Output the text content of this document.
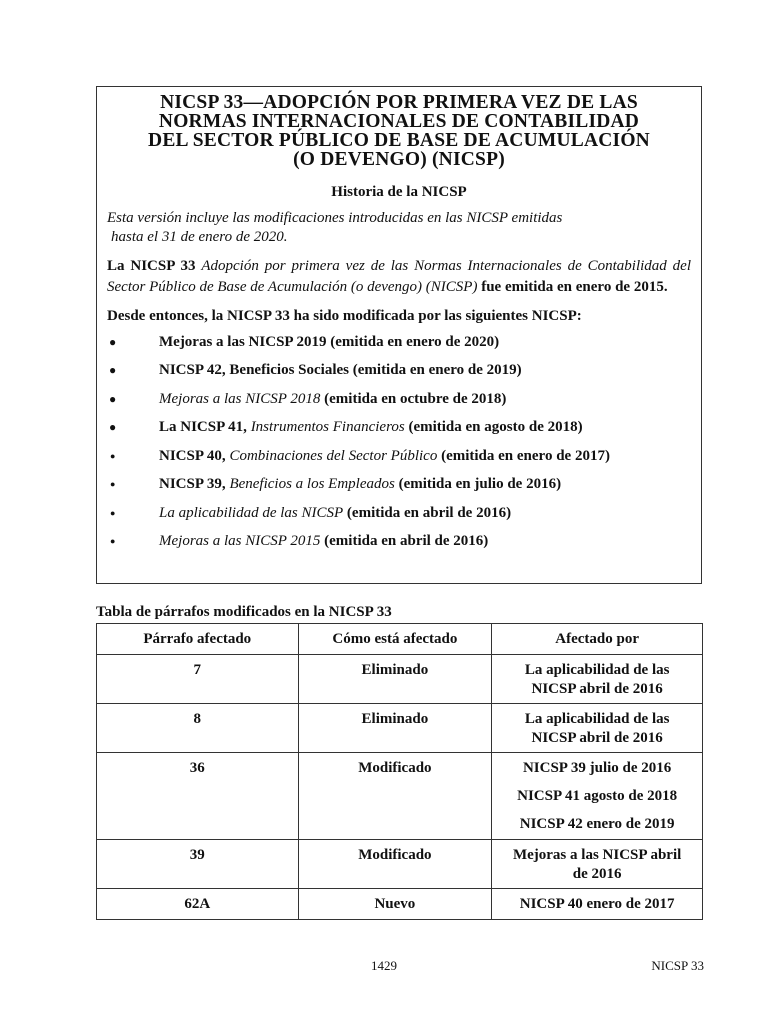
NICSP 33—ADOPCIÓN POR PRIMERA VEZ DE LAS
NORMAS INTERNACIONALES DE CONTABILIDAD
DEL SECTOR PÚBLICO DE BASE DE ACUMULACIÓN
(O DEVENGO) (NICSP)
Historia de la NICSP

Esta versión incluye las modificaciones introducidas en las NICSP emitidas
hasta el 31 de enero de 2020.

La NICSP 33 Adopción por primera vez de las Normas Internacionales de Contabilidad del Sector Público de Base de Acumulación (o devengo) (NICSP) fue emitida en enero de 2015.

Desde entonces, la NICSP 33 ha sido modificada por las siguientes NICSP:

●	Mejoras a las NICSP 2019 (emitida en enero de 2020)
●	NICSP 42, Beneficios Sociales (emitida en enero de 2019)
●	Mejoras a las NICSP 2018 (emitida en octubre de 2018)
●	La NICSP 41, Instrumentos Financieros (emitida en agosto de 2018)
●	NICSP 40, Combinaciones del Sector Público (emitida en enero de 2017)
●	NICSP 39, Beneficios a los Empleados (emitida en julio de 2016)
●	La aplicabilidad de las NICSP (emitida en abril de 2016)
●	Mejoras a las NICSP 2015 (emitida en abril de 2016)

Tabla de párrafos modificados en la NICSP 33

Párrafo afectado	Cómo está afectado	Afectado por

7	Eliminado	La aplicabilidad de las
NICSP abril de 2016

8	Eliminado	La aplicabilidad de las
NICSP abril de 2016

36	Modificado	NICSP 39 julio de 2016
NICSP 41 agosto de 2018
NICSP 42 enero de 2019

39	Modificado	Mejoras a las NICSP abril
de 2016

62A	Nuevo	NICSP 40 enero de 2017
1429	NICSP 33
